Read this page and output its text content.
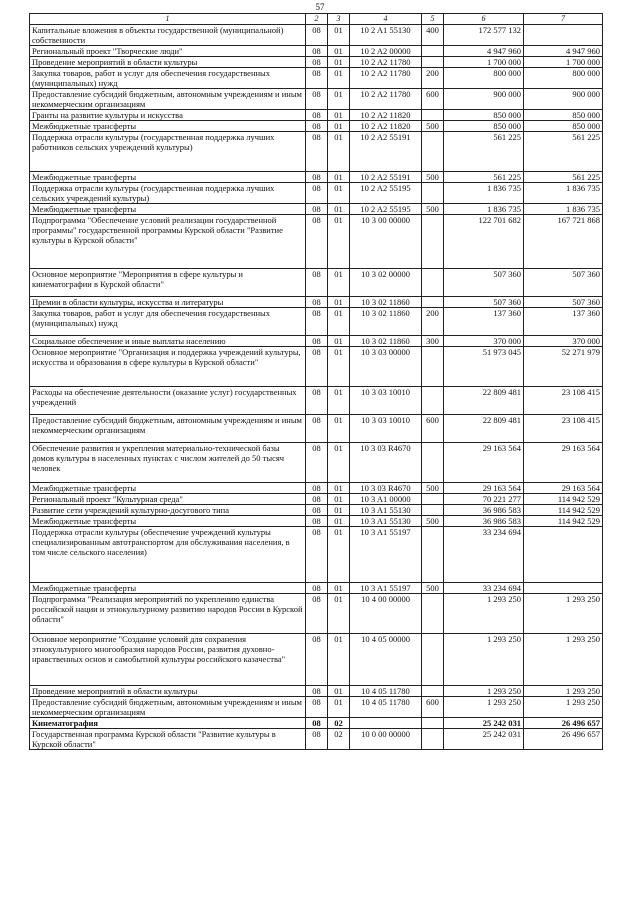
57
1	2	3	4	5	6	7
Капитальные вложения в объекты государственной (муниципальной) собственности	08	01	10 2 A1 55130	400	172 577 132	
Региональный проект "Творческие люди"	08	01	10 2 A2 00000		4 947 960	4 947 960
Проведение мероприятий в области культуры	08	01	10 2 A2 11780		1 700 000	1 700 000
Закупка товаров, работ и услуг для обеспечения государственных (муниципальных) нужд	08	01	10 2 A2 11780	200	800 000	800 000
Предоставление субсидий бюджетным, автономным учреждениям и иным некоммерческим организациям	08	01	10 2 A2 11780	600	900 000	900 000
Гранты на развитие культуры и искусства	08	01	10 2 A2 11820		850 000	850 000
Межбюджетные трансферты	08	01	10 2 A2 11820	500	850 000	850 000
Поддержка отрасли культуры (государственная поддержка лучших работников сельских учреждений культуры)	08	01	10 2 A2 55191		561 225	561 225
Межбюджетные трансферты	08	01	10 2 A2 55191	500	561 225	561 225
Поддержка отрасли культуры (государственная поддержка лучших сельских учреждений культуры)	08	01	10 2 A2 55195		1 836 735	1 836 735
Межбюджетные трансферты	08	01	10 2 A2 55195	500	1 836 735	1 836 735
Подпрограмма "Обеспечение условий реализации государственной программы" государственной программы Курской области "Развитие культуры в Курской области"	08	01	10 3 00 00000		122 701 682	167 721 868
Основное мероприятие "Мероприятия в сфере культуры и кинематографии в Курской области"	08	01	10 3 02 00000		507 360	507 360
Премии в области культуры, искусства и литературы	08	01	10 3 02 11860		507 360	507 360
Закупка товаров, работ и услуг для обеспечения государственных (муниципальных) нужд	08	01	10 3 02 11860	200	137 360	137 360
Социальное обеспечение и иные выплаты населению	08	01	10 3 02 11860	300	370 000	370 000
Основное мероприятие "Организация и поддержка учреждений культуры, искусства и образования в сфере культуры в Курской области"	08	01	10 3 03 00000		51 973 045	52 271 979
Расходы на обеспечение деятельности (оказание услуг) государственных учреждений	08	01	10 3 03 10010		22 809 481	23 108 415
Предоставление субсидий бюджетным, автономным учреждениям и иным некоммерческим организациям	08	01	10 3 03 10010	600	22 809 481	23 108 415
Обеспечение развития и укрепления материально-технической базы домов культуры в населенных пунктах с числом жителей до 50 тысяч человек	08	01	10 3 03 R4670		29 163 564	29 163 564
Межбюджетные трансферты	08	01	10 3 03 R4670	500	29 163 564	29 163 564
Региональный проект "Культурная среда"	08	01	10 3 A1 00000		70 221 277	114 942 529
Развитие сети учреждений культурно-досугового типа	08	01	10 3 A1 55130		36 986 583	114 942 529
Межбюджетные трансферты	08	01	10 3 A1 55130	500	36 986 583	114 942 529
Поддержка отрасли культуры (обеспечение учреждений культуры специализированным автотранспортом для обслуживания населения, в том числе сельского населения)	08	01	10 3 A1 55197		33 234 694	
Межбюджетные трансферты	08	01	10 3 A1 55197	500	33 234 694	
Подпрограмма "Реализация мероприятий по укреплению единства российской нации и этнокультурному развитию народов России в Курской области"	08	01	10 4 00 00000		1 293 250	1 293 250
Основное мероприятие "Создание условий для сохранения этнокультурного многообразия народов России, развития духовно-нравственных основ и самобытной культуры российского казачества"	08	01	10 4 05 00000		1 293 250	1 293 250
Проведение мероприятий в области культуры	08	01	10 4 05 11780		1 293 250	1 293 250
Предоставление субсидий бюджетным, автономным учреждениям и иным некоммерческим организациям	08	01	10 4 05 11780	600	1 293 250	1 293 250
Кинематография	08	02			25 242 031	26 496 657
Государственная программа Курской области "Развитие культуры в Курской области"	08	02	10 0 00 00000		25 242 031	26 496 657
